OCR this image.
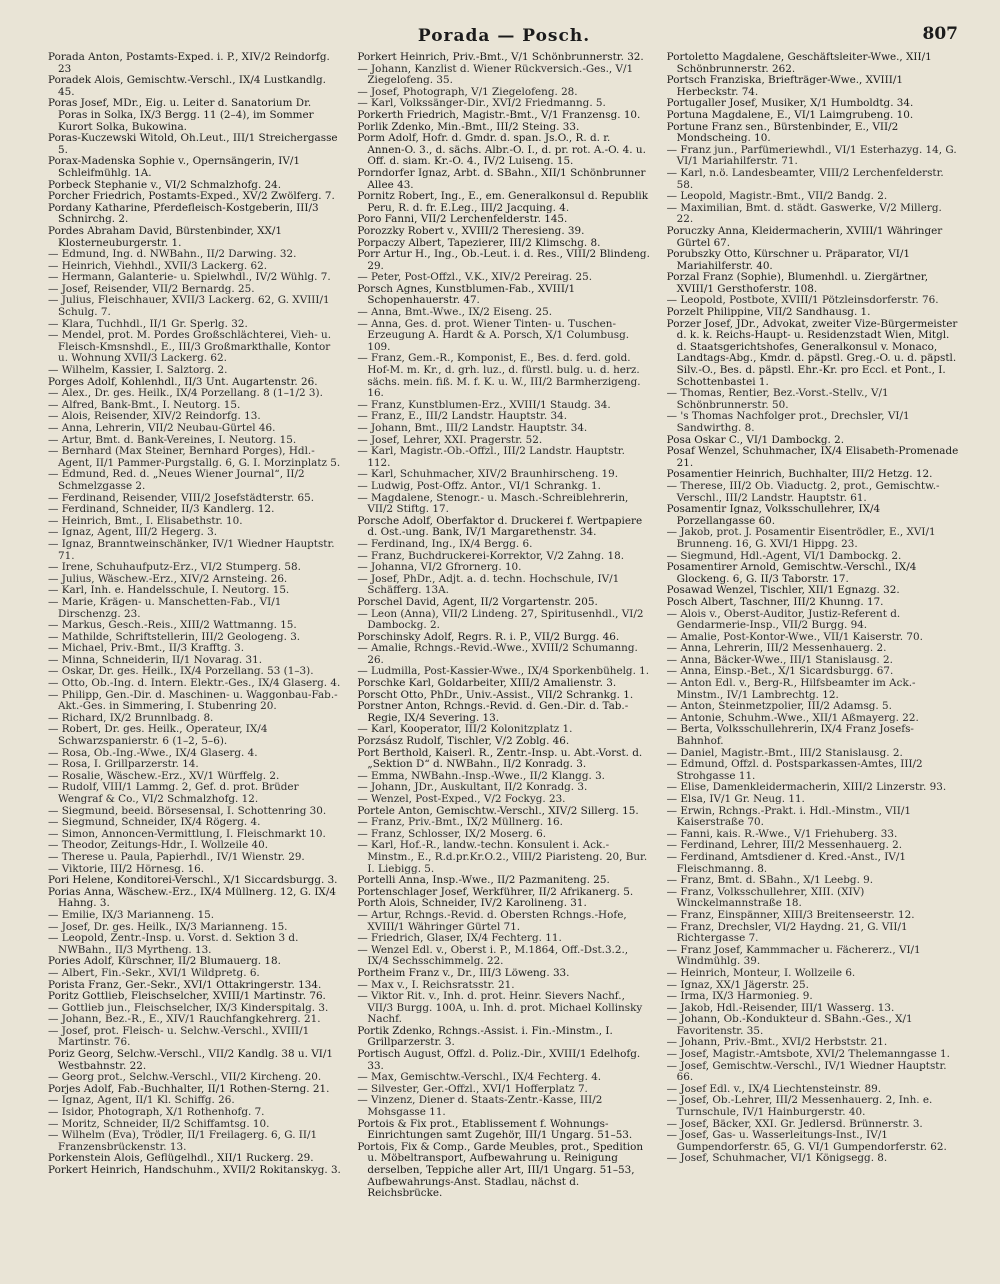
Porada — Posch.	807

Porada Anton, Postamts-Exped. i. P., XIV/2 Reindorfg. 23

Poradek Alois, Gemischtw.-Verschl., IX/4 Lustkandlg. 45.

Poras Josef, MDr., Eig. u. Leiter d. Sanatorium Dr. Poras in Solka, IX/3 Bergg. 11 (2–4), im Sommer Kurort Solka, Bukowina.

Poras-Kuczewski Witold, Oh.Leut., III/1 Streichergasse 5.

Porax-Madenska Sophie v., Opernsängerin, IV/1 Schleifmühlg. 1A.

Porbeck Stephanie v., VI/2 Schmalzhofg. 24.

Porcher Friedrich, Postamts-Exped., XV/2 Zwölferg. 7.

Pordany Katharine, Pferdefleisch-Kostgeberin, III/3 Schnirchg. 2.

Pordes Abraham David, Bürstenbinder, XX/1 Klosterneuburgerstr. 1.

— Edmund, Ing. d. NWBahn., II/2 Darwing. 32.

— Heinrich, Viehhdl., XVII/3 Lackerg. 62.

— Hermann, Galanterie- u. Spielwhdl., IV/2 Wühlg. 7.

— Josef, Reisender, VII/2 Bernardg. 25.

— Julius, Fleischhauer, XVII/3 Lackerg. 62, G. XVIII/1 Schulg. 7.

— Klara, Tuchhdl., II/1 Gr. Sperlg. 32.

— Mendel, prot. M. Pordes Großschlächterei, Vieh- u. Fleisch-Kmsnshdl., E., III/3 Großmarkthalle, Kontor u. Wohnung XVII/3 Lackerg. 62.

— Wilhelm, Kassier, I. Salztorg. 2.

Porges Adolf, Kohlenhdl., II/3 Unt. Augartenstr. 26.

— Alex., Dr. ges. Heilk., IX/4 Porzellang. 8 (1–1/2 3).

— Alfred, Bank-Bmt., I. Neutorg. 15.

— Alois, Reisender, XIV/2 Reindorfg. 13.

— Anna, Lehrerin, VII/2 Neubau-Gürtel 46.

— Artur, Bmt. d. Bank-Vereines, I. Neutorg. 15.

— Bernhard (Max Steiner, Bernhard Porges), Hdl.-Agent, II/1 Pammer-Purgstallg. 6, G. I. Morzinplatz 5.

— Edmund, Red. d. „Neues Wiener Journal“, II/2 Schmelzgasse 2.

— Ferdinand, Reisender, VIII/2 Josefstädterstr. 65.

— Ferdinand, Schneider, II/3 Kandlerg. 12.

— Heinrich, Bmt., I. Elisabethstr. 10.

— Ignaz, Agent, III/2 Hegerg. 3.

— Ignaz, Branntweinschänker, IV/1 Wiedner Hauptstr. 71.

— Irene, Schuhaufputz-Erz., VI/2 Stumperg. 58.

— Julius, Wäschew.-Erz., XIV/2 Arnsteing. 26.

— Karl, Inh. e. Handelsschule, I. Neutorg. 15.

— Marie, Krägen- u. Manschetten-Fab., VI/1 Dirschenzg. 23.

— Markus, Gesch.-Reis., XIII/2 Wattmanng. 15.

— Mathilde, Schriftstellerin, III/2 Geologeng. 3.

— Michael, Priv.-Bmt., II/3 Krafftg. 3.

— Minna, Schneiderin, II/1 Novarag. 31.

— Oskar, Dr. ges. Heilk., IX/4 Porzellang. 53 (1–3).

— Otto, Ob.-Ing. d. Intern. Elektr.-Ges., IX/4 Glaserg. 4.

— Philipp, Gen.-Dir. d. Maschinen- u. Waggonbau-Fab.-Akt.-Ges. in Simmering, I. Stubenring 20.

— Richard, IX/2 Brunnlbadg. 8.

— Robert, Dr. ges. Heilk., Operateur, IX/4 Schwarzspanierstr. 6 (1–2, 5–6).

— Rosa, Ob.-Ing.-Wwe., IX/4 Glaserg. 4.

— Rosa, I. Grillparzerstr. 14.

— Rosalie, Wäschew.-Erz., XV/1 Würffelg. 2.

— Rudolf, VIII/1 Lammg. 2, Gef. d. prot. Brüder Wengraf & Co., VI/2 Schmalzhofg. 12.

— Siegmund, beeid. Börsesensal, I. Schottenring 30.

— Siegmund, Schneider, IX/4 Rögerg. 4.

— Simon, Annoncen-Vermittlung, I. Fleischmarkt 10.

— Theodor, Zeitungs-Hdr., I. Wollzeile 40.

— Therese u. Paula, Papierhdl., IV/1 Wienstr. 29.

— Viktorie, III/2 Hörnesg. 16.

Pori Helene, Konditorei-Verschl., X/1 Siccardsburgg. 3.

Porias Anna, Wäschew.-Erz., IX/4 Müllnerg. 12, G. IX/4 Hahng. 3.

— Emilie, IX/3 Marianneng. 15.

— Josef, Dr. ges. Heilk., IX/3 Marianneng. 15.

— Leopold, Zentr.-Insp. u. Vorst. d. Sektion 3 d. NWBahn., II/3 Myrtheng. 13.

Pories Adolf, Kürschner, II/2 Blumauerg. 18.

— Albert, Fin.-Sekr., XVI/1 Wildpretg. 6.

Porista Franz, Ger.-Sekr., XVI/1 Ottakringerstr. 134.

Poritz Gottlieb, Fleischselcher, XVIII/1 Martinstr. 76.

— Gottlieb jun., Fleischselcher, IX/3 Kinderspitalg. 3.

— Johann, Bez.-R., E., XIV/1 Rauchfangkehrerg. 21.

— Josef, prot. Fleisch- u. Selchw.-Verschl., XVIII/1 Martinstr. 76.

Poriz Georg, Selchw.-Verschl., VII/2 Kandlg. 38 u. VI/1 Westbahnstr. 22.

— Georg prot., Selchw.-Verschl., VII/2 Kircheng. 20.

Porjes Adolf, Fab.-Buchhalter, II/1 Rothen-Sterng. 21.

— Ignaz, Agent, II/1 Kl. Schiffg. 26.

— Isidor, Photograph, X/1 Rothenhofg. 7.

— Moritz, Schneider, II/2 Schiffamtsg. 10.

— Wilhelm (Eva), Trödler, II/1 Freilagerg. 6, G. II/1 Franzensbrückenstr. 13.

Porkenstein Alois, Geflügelhdl., XII/1 Ruckerg. 29.

Porkert Heinrich, Handschuhm., XVII/2 Rokitanskyg. 3.

Porkert Heinrich, Priv.-Bmt., V/1 Schönbrunnerstr. 32.

— Johann, Kanzlist d. Wiener Rückversich.-Ges., V/1 Ziegelofeng. 35.

— Josef, Photograph, V/1 Ziegelofeng. 28.

— Karl, Volkssänger-Dir., XVI/2 Friedmanng. 5.

Porkerth Friedrich, Magistr.-Bmt., V/1 Franzensg. 10.

Porlik Zdenko, Min.-Bmt., III/2 Steing. 33.

Porm Adolf, Hofr. d. Gmdr. d. span. Js.O., R. d. r. Annen-O. 3., d. sächs. Albr.-O. I., d. pr. rot. A.-O. 4. u. Off. d. siam. Kr.-O. 4., IV/2 Luiseng. 15.

Porndorfer Ignaz, Arbt. d. SBahn., XII/1 Schönbrunner Allee 43.

Pornitz Robert, Ing., E., em. Generalkonsul d. Republik Peru, R. d. fr. E.Leg., III/2 Jacquing. 4.

Poro Fanni, VII/2 Lerchenfelderstr. 145.

Porozzky Robert v., XVIII/2 Theresieng. 39.

Porpaczy Albert, Tapezierer, III/2 Klimschg. 8.

Porr Artur H., Ing., Ob.-Leut. i. d. Res., VIII/2 Blindeng. 29.

— Peter, Post-Offzl., V.K., XIV/2 Pereirag. 25.

Porsch Agnes, Kunstblumen-Fab., XVIII/1 Schopenhauerstr. 47.

— Anna, Bmt.-Wwe., IX/2 Eiseng. 25.

— Anna, Ges. d. prot. Wiener Tinten- u. Tuschen-Erzeugung A. Hardt & A. Porsch, X/1 Columbusg. 109.

— Franz, Gem.-R., Komponist, E., Bes. d. ferd. gold. Hof-M. m. Kr., d. grh. luz., d. fürstl. bulg. u. d. herz. sächs. mein. fiß. M. f. K. u. W., III/2 Barmherzigeng. 16.

— Franz, Kunstblumen-Erz., XVIII/1 Staudg. 34.

— Franz, E., III/2 Landstr. Hauptstr. 34.

— Johann, Bmt., III/2 Landstr. Hauptstr. 34.

— Josef, Lehrer, XXI. Pragerstr. 52.

— Karl, Magistr.-Ob.-Offzl., III/2 Landstr. Hauptstr. 112.

— Karl, Schuhmacher, XIV/2 Braunhirscheng. 19.

— Ludwig, Post-Offz. Antor., VI/1 Schrankg. 1.

— Magdalene, Stenogr.- u. Masch.-Schreiblehrerin, VII/2 Stiftg. 17.

Porsche Adolf, Oberfaktor d. Druckerei f. Wertpapiere d. Ost.-ung. Bank, IV/1 Margarethenstr. 34.

— Ferdinand, Ing., IX/4 Bergg. 6.

— Franz, Buchdruckerei-Korrektor, V/2 Zahng. 18.

— Johanna, VI/2 Gfrornerg. 10.

— Josef, PhDr., Adjt. a. d. techn. Hochschule, IV/1 Schäfferg. 13A.

Porschel David, Agent, II/2 Vorgartenstr. 205.

— Leon (Anna), VII/2 Lindeng. 27, Spiritusenhdl., VI/2 Dambockg. 2.

Porschinsky Adolf, Regrs. R. i. P., VII/2 Burgg. 46.

— Amalie, Rchngs.-Revid.-Wwe., XVIII/2 Schumanng. 26.

— Ludmilla, Post-Kassier-Wwe., IX/4 Sporkenbühelg. 1.

Porschke Karl, Goldarbeiter, XIII/2 Amalienstr. 3.

Porscht Otto, PhDr., Univ.-Assist., VII/2 Schrankg. 1.

Porstner Anton, Rchngs.-Revid. d. Gen.-Dir. d. Tab.-Regie, IX/4 Severing. 13.

— Karl, Kooperator, III/2 Kolonitzplatz 1.

Porzsász Rudolf, Tischler, V/2 Zoblg. 46.

Port Berthold, Kaiserl. R., Zentr.-Insp. u. Abt.-Vorst. d. „Sektion D“ d. NWBahn., II/2 Konradg. 3.

— Emma, NWBahn.-Insp.-Wwe., II/2 Klangg. 3.

— Johann, JDr., Auskultant, II/2 Konradg. 3.

— Wenzel, Post-Exped., V/2 Fockyg. 23.

Portele Anton, Gemischtw.-Verschl., XIV/2 Sillerg. 15.

— Franz, Priv.-Bmt., IX/2 Müllnerg. 16.

— Franz, Schlosser, IX/2 Moserg. 6.

— Karl, Hof.-R., landw.-techn. Konsulent i. Ack.-Minstm., E., R.d.pr.Kr.O.2., VIII/2 Piaristeng. 20, Bur. I. Liebigg. 5.

Portelli Anna, Insp.-Wwe., II/2 Pazmaniteng. 25.

Portenschlager Josef, Werkführer, II/2 Afrikanerg. 5.

Porth Alois, Schneider, IV/2 Karolineng. 31.

— Artur, Rchngs.-Revid. d. Obersten Rchngs.-Hofe, XVIII/1 Währinger Gürtel 71.

— Friedrich, Glaser, IX/4 Fechterg. 11.

— Wenzel Edl. v., Oberst i. P., M.1864, Off.-Dst.3.2., IX/4 Sechsschimmelg. 22.

Portheim Franz v., Dr., III/3 Löweng. 33.

— Max v., I. Reichsratsstr. 21.

— Viktor Rit. v., Inh. d. prot. Heinr. Sievers Nachf., VII/3 Burgg. 100A, u. Inh. d. prot. Michael Kollinsky Nachf.

Portik Zdenko, Rchngs.-Assist. i. Fin.-Minstm., I. Grillparzerstr. 3.

Portisch August, Offzl. d. Poliz.-Dir., XVIII/1 Edelhofg. 33.

— Max, Gemischtw.-Verschl., IX/4 Fechterg. 4.

— Silvester, Ger.-Offzl., XVI/1 Hofferplatz 7.

— Vinzenz, Diener d. Staats-Zentr.-Kasse, III/2 Mohsgasse 11.

Portois & Fix prot., Etablissement f. Wohnungs-Einrichtungen samt Zugehör, III/1 Ungarg. 51–53.

Portois, Fix & Comp., Garde Meubles, prot., Spedition u. Möbeltransport, Aufbewahrung u. Reinigung derselben, Teppiche aller Art, III/1 Ungarg. 51–53, Aufbewahrungs-Anst. Stadlau, nächst d. Reichsbrücke.

Portoletto Magdalene, Geschäftsleiter-Wwe., XII/1 Schönbrunnerstr. 262.

Portsch Franziska, Briefträger-Wwe., XVIII/1 Herbeckstr. 74.

Portugaller Josef, Musiker, X/1 Humboldtg. 34.

Portuna Magdalene, E., VI/1 Laimgrubeng. 10.

Portune Franz sen., Bürstenbinder, E., VII/2 Mondscheing. 10.

— Franz jun., Parfümeriewhdl., VI/1 Esterhazyg. 14, G. VI/1 Mariahilferstr. 71.

— Karl, n.ö. Landesbeamter, VIII/2 Lerchenfelderstr. 58.

— Leopold, Magistr.-Bmt., VII/2 Bandg. 2.

— Maximilian, Bmt. d. städt. Gaswerke, V/2 Millerg. 22.

Poruczky Anna, Kleidermacherin, XVIII/1 Währinger Gürtel 67.

Porubszky Otto, Kürschner u. Präparator, VI/1 Mariahilferstr. 40.

Porzal Franz (Sophie), Blumenhdl. u. Ziergärtner, XVIII/1 Gersthoferstr. 108.

— Leopold, Postbote, XVIII/1 Pötzleinsdorferstr. 76.

Porzelt Philippine, VII/2 Sandhausg. 1.

Porzer Josef, JDr., Advokat, zweiter Vize-Bürgermeister d. k. k. Reichs-Haupt- u. Residenzstadt Wien, Mitgl. d. Staatsgerichtshofes, Generalkonsul v. Monaco, Landtags-Abg., Kmdr. d. päpstl. Greg.-O. u. d. päpstl. Silv.-O., Bes. d. päpstl. Ehr.-Kr. pro Eccl. et Pont., I. Schottenbastei 1.

— Thomas, Rentier, Bez.-Vorst.-Stellv., V/1 Schönbrunnerstr. 50.

— 's Thomas Nachfolger prot., Drechsler, VI/1 Sandwirthg. 8.

Posa Oskar C., VI/1 Dambockg. 2.

Posaf Wenzel, Schuhmacher, IX/4 Elisabeth-Promenade 21.

Posamentier Heinrich, Buchhalter, III/2 Hetzg. 12.

— Therese, III/2 Ob. Viaductg. 2, prot., Gemischtw.-Verschl., III/2 Landstr. Hauptstr. 61.

Posamentir Ignaz, Volksschullehrer, IX/4 Porzellangasse 60.

— Jakob, prot. J. Posamentir Eisentrödler, E., XVI/1 Brunneng. 16, G. XVI/1 Hippg. 23.

— Siegmund, Hdl.-Agent, VI/1 Dambockg. 2.

Posamentirer Arnold, Gemischtw.-Verschl., IX/4 Glockeng. 6, G. II/3 Taborstr. 17.

Posawad Wenzel, Tischler, XII/1 Egnazg. 32.

Posch Albert, Taschner, III/2 Khunng. 17.

— Alois v., Oberst-Auditor, Justiz-Referent d. Gendarmerie-Insp., VII/2 Burgg. 94.

— Amalie, Post-Kontor-Wwe., VII/1 Kaiserstr. 70.

— Anna, Lehrerin, III/2 Messenhauerg. 2.

— Anna, Bäcker-Wwe., III/1 Stanislausg. 2.

— Anna, Einsp.-Bet., X/1 Sicardsburgg. 67.

— Anton Edl. v., Berg-R., Hilfsbeamter im Ack.-Minstm., IV/1 Lambrechtg. 12.

— Anton, Steinmetzpolier, III/2 Adamsg. 5.

— Antonie, Schuhm.-Wwe., XII/1 Aßmayerg. 22.

— Berta, Volksschullehrerin, IX/4 Franz Josefs-Bahnhof.

— Daniel, Magistr.-Bmt., III/2 Stanislausg. 2.

— Edmund, Offzl. d. Postsparkassen-Amtes, III/2 Strohgasse 11.

— Elise, Damenkleidermacherin, XIII/2 Linzerstr. 93.

— Elsa, IV/1 Gr. Neug. 11.

— Erwin, Rchngs.-Prakt. i. Hdl.-Minstm., VII/1 Kaiserstraße 70.

— Fanni, kais. R.-Wwe., V/1 Friehuberg. 33.

— Ferdinand, Lehrer, III/2 Messenhauerg. 2.

— Ferdinand, Amtsdiener d. Kred.-Anst., IV/1 Fleischmanng. 8.

— Franz, Bmt. d. SBahn., X/1 Leebg. 9.

— Franz, Volksschullehrer, XIII. (XIV) Winckelmannstraße 18.

— Franz, Einspänner, XIII/3 Breitenseerstr. 12.

— Franz, Drechsler, VI/2 Haydng. 21, G. VII/1 Richtergasse 7.

— Franz Josef, Kammmacher u. Fächererz., VI/1 Windmühlg. 39.

— Heinrich, Monteur, I. Wollzeile 6.

— Ignaz, XX/1 Jägerstr. 25.

— Irma, IX/3 Harmonieg. 9.

— Jakob, Hdl.-Reisender, III/1 Wasserg. 13.

— Johann, Ob.-Kondukteur d. SBahn.-Ges., X/1 Favoritenstr. 35.

— Johann, Priv.-Bmt., XVI/2 Herbststr. 21.

— Josef, Magistr.-Amtsbote, XVI/2 Thelemanngasse 1.

— Josef, Gemischtw.-Verschl., IV/1 Wiedner Hauptstr. 66.

— Josef Edl. v., IX/4 Liechtensteinstr. 89.

— Josef, Ob.-Lehrer, III/2 Messenhauerg. 2, Inh. e. Turnschule, IV/1 Hainburgerstr. 40.

— Josef, Bäcker, XXI. Gr. Jedlersd. Brünnerstr. 3.

— Josef, Gas- u. Wasserleitungs-Inst., IV/1 Gumpendorferstr. 65, G. VI/1 Gumpendorferstr. 62.

— Josef, Schuhmacher, VI/1 Königsegg. 8.
